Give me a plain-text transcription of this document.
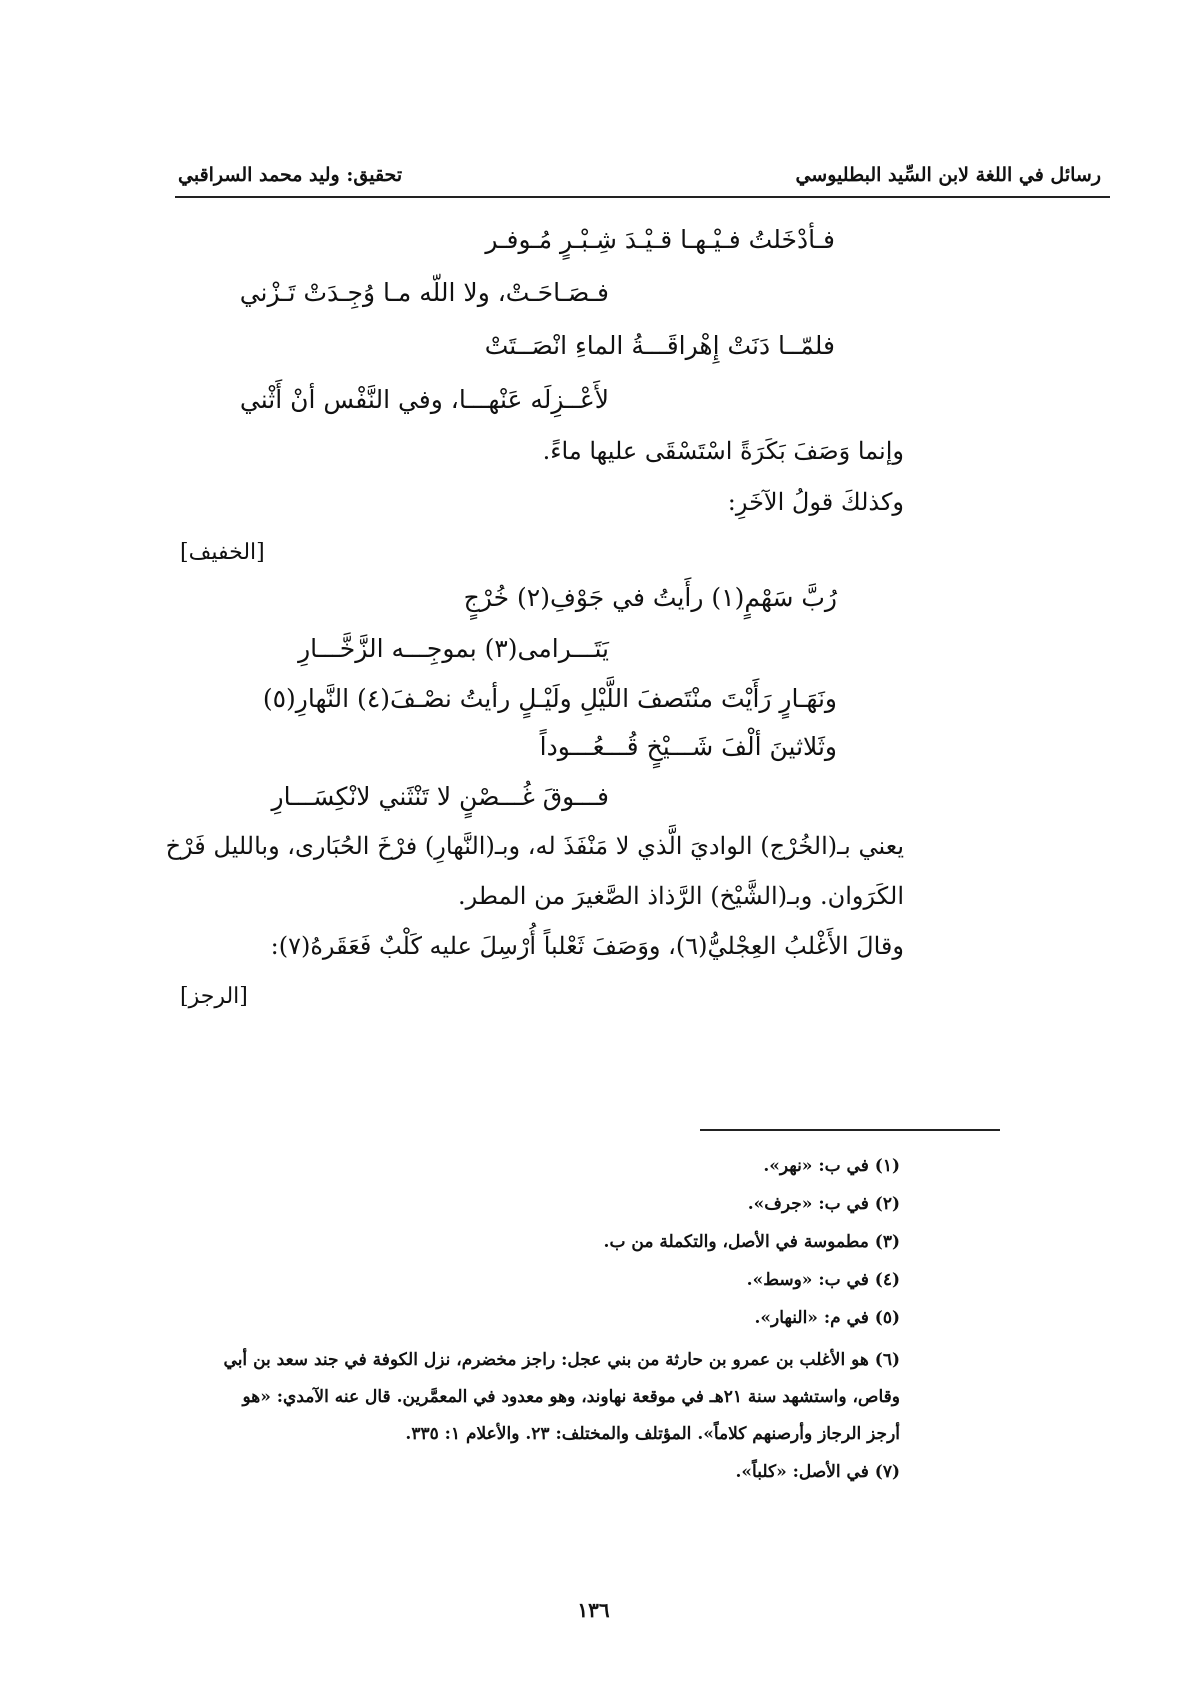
رسائل في اللغة لابن السِّيد البطليوسي
تحقيق: وليد محمد السراقبي
فـأدْخَلتُ فـيْـهـا قـيْـدَ شِـبْـرٍ مُـوفـر
فـصَـاحَـتْ، ولا اللّه مـا وُجِـدَتْ تَـزْني
فلمّــا دَنَتْ إِهْراقَـــةُ الماءِ انْصَــتَتْ
لأَعْــزِلَه عَنْهـــا، وفي النَّفْس أنْ أَثْني
وإنما وَصَفَ بَكَرَةً اسْتَسْقَى عليها ماءً.
وكذلكَ قولُ الآخَرِ:
[الخفيف]
رُبَّ سَهْمٍ(١) رأَيتُ في جَوْفِ(٢) خُرْجٍ
يَتَـــرامى(٣) بموجِـــه الزَّخَّـــارِ
ونَهَـارٍ رَأَيْتَ منْتَصفَ اللَّيْلِ ولَيْـلٍ رأيتُ نصْـفَ(٤) النَّهارِ(٥)
وثَلاثينَ ألْفَ شَـــيْخٍ قُـــعُـــوداً
فـــوقَ غُـــصْنٍ لا تَنْثَني لانْكِسَـــارِ
يعني بـ(الخُرْج) الواديَ الَّذي لا مَنْفَذَ له، وبـ(النَّهارِ) فرْخَ الحُبَارى، وبالليل فَرْخ
الكَرَوان. وبـ(الشَّيْخ) الرَّذاذ الصَّغيرَ من المطر.
وقالَ الأَغْلبُ العِجْليُّ(٦)، ووَصَفَ ثَعْلباً أُرْسِلَ عليه كَلْبٌ فَعَقَرهُ(٧):
[الرجز]
(١) في ب: «نهر».
(٢) في ب: «جرف».
(٣) مطموسة في الأصل، والتكملة من ب.
(٤) في ب: «وسط».
(٥) في م: «النهار».
(٦) هو الأغلب بن عمرو بن حارثة من بني عجل: راجز مخضرم، نزل الكوفة في جند سعد بن أبي
وقاص، واستشهد سنة ٢١هـ في موقعة نهاوند، وهو معدود في المعمَّرين. قال عنه الآمدي: «هو
أرجز الرجاز وأرصنهم كلاماً». المؤتلف والمختلف: ٢٣. والأعلام ١: ٣٣٥.
(٧) في الأصل: «كلباً».
١٣٦
